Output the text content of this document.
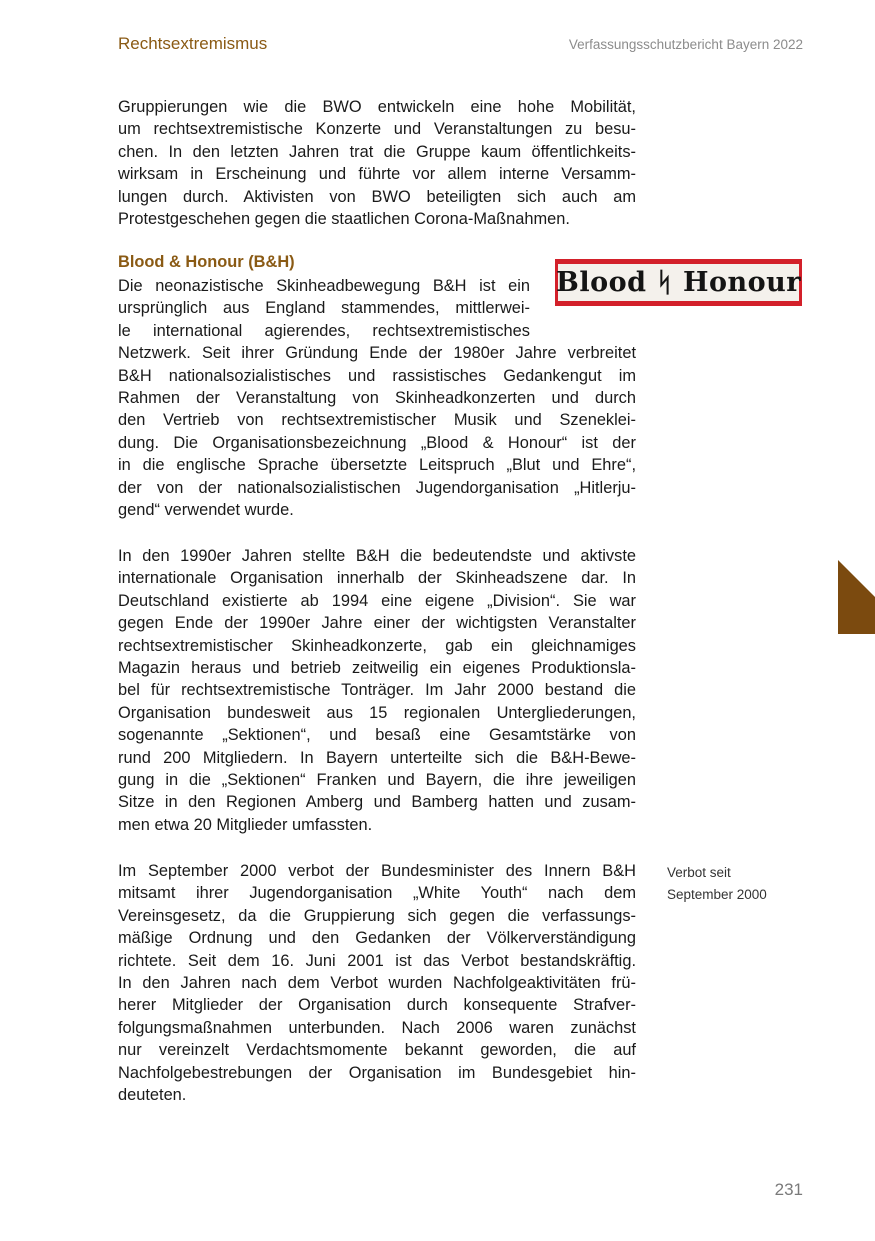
Rechtsextremismus	Verfassungsschutzbericht Bayern 2022
Gruppierungen wie die BWO entwickeln eine hohe Mobilität,
um rechtsextremistische Konzerte und Veranstaltungen zu besu-
chen. In den letzten Jahren trat die Gruppe kaum öffentlichkeits-
wirksam in Erscheinung und führte vor allem interne Versamm-
lungen durch. Aktivisten von BWO beteiligten sich auch am
Protestgeschehen gegen die staatlichen Corona-Maßnahmen.
Blood & Honour (B&H)
Blood ᛋ Honour
Die neonazistische Skinheadbewegung B&H ist ein
ursprünglich aus England stammendes, mittlerwei-
le international agierendes, rechtsextremistisches
Netzwerk. Seit ihrer Gründung Ende der 1980er Jahre verbreitet
B&H nationalsozialistisches und rassistisches Gedankengut im
Rahmen der Veranstaltung von Skinheadkonzerten und durch
den Vertrieb von rechtsextremistischer Musik und Szeneklei-
dung. Die Organisationsbezeichnung „Blood & Honour“ ist der
in die englische Sprache übersetzte Leitspruch „Blut und Ehre“,
der von der nationalsozialistischen Jugendorganisation „Hitlerju-
gend“ verwendet wurde.
In den 1990er Jahren stellte B&H die bedeutendste und aktivste
internationale Organisation innerhalb der Skinheadszene dar. In
Deutschland existierte ab 1994 eine eigene „Division“. Sie war
gegen Ende der 1990er Jahre einer der wichtigsten Veranstalter
rechtsextremistischer Skinheadkonzerte, gab ein gleichnamiges
Magazin heraus und betrieb zeitweilig ein eigenes Produktionsla-
bel für rechtsextremistische Tonträger. Im Jahr 2000 bestand die
Organisation bundesweit aus 15 regionalen Untergliederungen,
sogenannte „Sektionen“, und besaß eine Gesamtstärke von
rund 200 Mitgliedern. In Bayern unterteilte sich die B&H-Bewe-
gung in die „Sektionen“ Franken und Bayern, die ihre jeweiligen
Sitze in den Regionen Amberg und Bamberg hatten und zusam-
men etwa 20 Mitglieder umfassten.
Im September 2000 verbot der Bundesminister des Innern B&H
mitsamt ihrer Jugendorganisation „White Youth“ nach dem
Vereinsgesetz, da die Gruppierung sich gegen die verfassungs-
mäßige Ordnung und den Gedanken der Völkerverständigung
richtete. Seit dem 16. Juni 2001 ist das Verbot bestandskräftig.
In den Jahren nach dem Verbot wurden Nachfolgeaktivitäten frü-
herer Mitglieder der Organisation durch konsequente Strafver-
folgungsmaßnahmen unterbunden. Nach 2006 waren zunächst
nur vereinzelt Verdachtsmomente bekannt geworden, die auf
Nachfolgebestrebungen der Organisation im Bundesgebiet hin-
deuteten.
Verbot seit
September 2000
231
